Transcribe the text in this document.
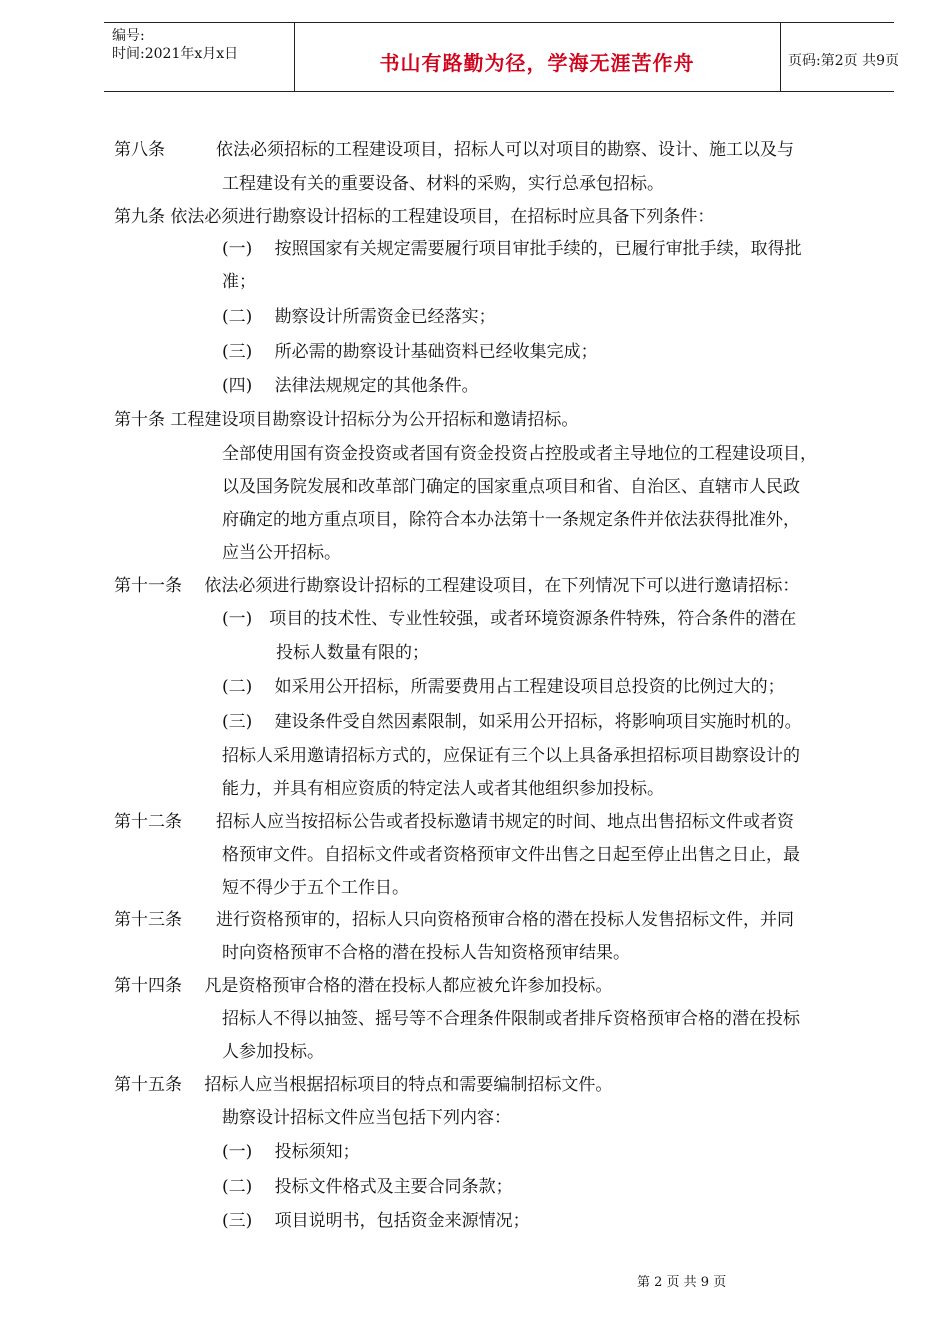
编号:
时间:2021年x月x日	书山有路勤为径，学海无涯苦作舟	页码:第2页 共9页
第八条　　　依法必须招标的工程建设项目，招标人可以对项目的勘察、设计、施工以及与
工程建设有关的重要设备、材料的采购，实行总承包招标。
第九条 依法必须进行勘察设计招标的工程建设项目，在招标时应具备下列条件：
(一)　 按照国家有关规定需要履行项目审批手续的，已履行审批手续，取得批
准；
(二)　 勘察设计所需资金已经落实；
(三)　 所必需的勘察设计基础资料已经收集完成；
(四)　 法律法规规定的其他条件。
第十条 工程建设项目勘察设计招标分为公开招标和邀请招标。
全部使用国有资金投资或者国有资金投资占控股或者主导地位的工程建设项目，
以及国务院发展和改革部门确定的国家重点项目和省、自治区、直辖市人民政
府确定的地方重点项目，除符合本办法第十一条规定条件并依法获得批准外，
应当公开招标。
第十一条　 依法必须进行勘察设计招标的工程建设项目，在下列情况下可以进行邀请招标：
(一)　项目的技术性、专业性较强，或者环境资源条件特殊，符合条件的潜在
投标人数量有限的；
(二)　 如采用公开招标，所需要费用占工程建设项目总投资的比例过大的；
(三)　 建设条件受自然因素限制，如采用公开招标，将影响项目实施时机的。
招标人采用邀请招标方式的，应保证有三个以上具备承担招标项目勘察设计的
能力，并具有相应资质的特定法人或者其他组织参加投标。
第十二条　　招标人应当按招标公告或者投标邀请书规定的时间、地点出售招标文件或者资
格预审文件。自招标文件或者资格预审文件出售之日起至停止出售之日止，最
短不得少于五个工作日。
第十三条　　进行资格预审的，招标人只向资格预审合格的潜在投标人发售招标文件，并同
时向资格预审不合格的潜在投标人告知资格预审结果。
第十四条　 凡是资格预审合格的潜在投标人都应被允许参加投标。
招标人不得以抽签、摇号等不合理条件限制或者排斥资格预审合格的潜在投标
人参加投标。
第十五条　 招标人应当根据招标项目的特点和需要编制招标文件。
勘察设计招标文件应当包括下列内容：
(一)　 投标须知；
(二)　 投标文件格式及主要合同条款；
(三)　 项目说明书，包括资金来源情况；
第 2 页 共 9 页
